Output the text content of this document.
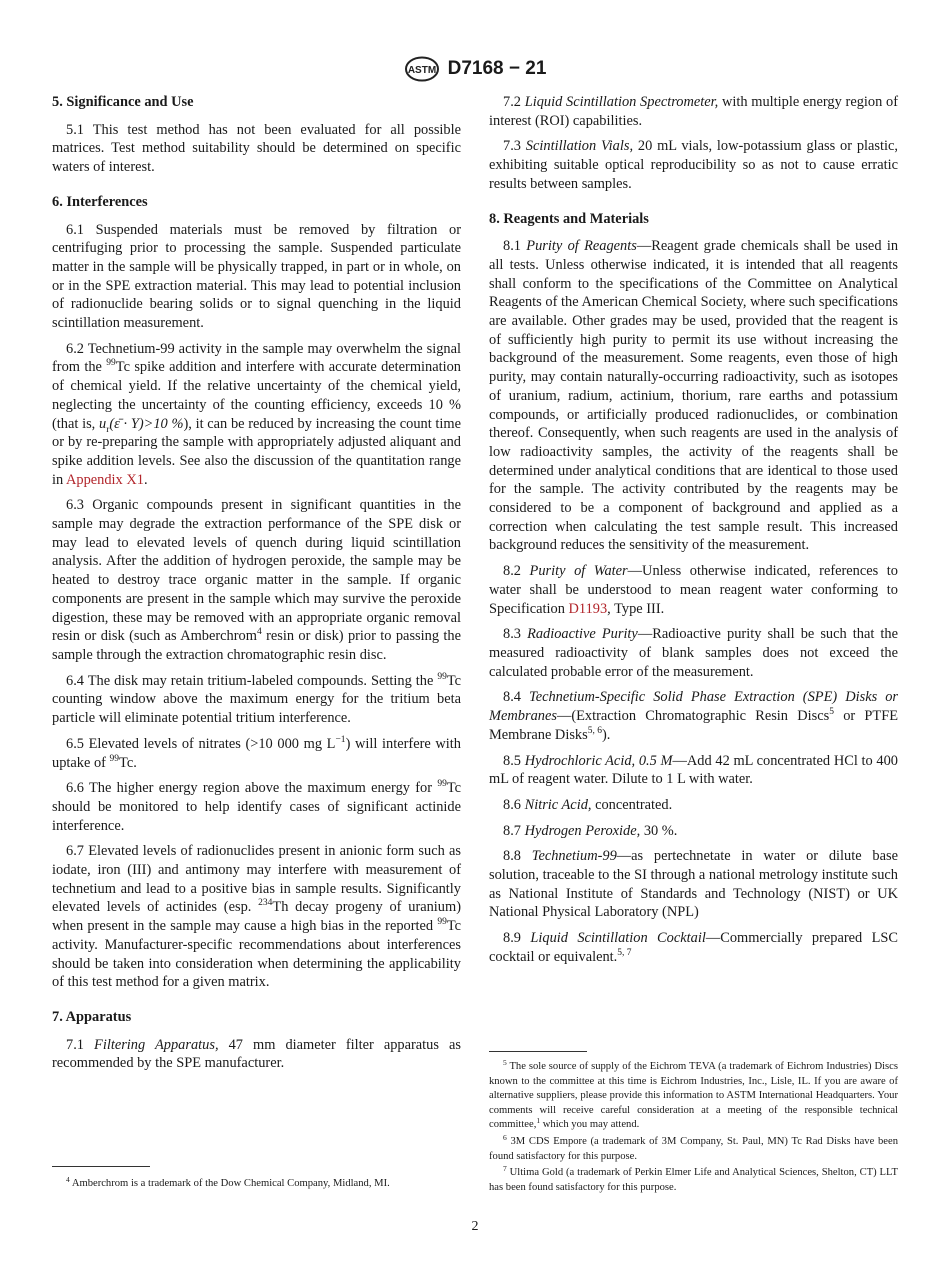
ASTM D7168 − 21
5. Significance and Use
5.1 This test method has not been evaluated for all possible matrices. Test method suitability should be determined on specific waters of interest.
6. Interferences
6.1 Suspended materials must be removed by filtration or centrifuging prior to processing the sample. Suspended particulate matter in the sample will be physically trapped, in part or in whole, on or in the SPE extraction material. This may lead to potential inclusion of radionuclide bearing solids or to signal quenching in the liquid scintillation measurement.
6.2 Technetium-99 activity in the sample may overwhelm the signal from the $^{99}$Tc spike addition and interfere with accurate determination of chemical yield. If the relative uncertainty of the chemical yield, neglecting the uncertainty of the counting efficiency, exceeds 10 % (that is, $u_r(\varepsilon̄ \cdot Y)>10$ %), it can be reduced by increasing the count time or by re-preparing the sample with appropriately adjusted aliquant and spike addition levels. See also the discussion of the quantitation range in Appendix X1.
6.3 Organic compounds present in significant quantities in the sample may degrade the extraction performance of the SPE disk or may lead to elevated levels of quench during liquid scintillation analysis. After the addition of hydrogen peroxide, the sample may be heated to destroy trace organic matter in the sample. If organic components are present in the sample which may survive the peroxide digestion, these may be removed with an appropriate organic removal resin or disk (such as Amberchrom$^4$ resin or disk) prior to passing the sample through the extraction chromatographic resin disc.
6.4 The disk may retain tritium-labeled compounds. Setting the $^{99}$Tc counting window above the maximum energy for the tritium beta particle will eliminate potential tritium interference.
6.5 Elevated levels of nitrates (>10 000 mg $L^{-1}$) will interfere with uptake of $^{99}$Tc.
6.6 The higher energy region above the maximum energy for $^{99}$Tc should be monitored to help identify cases of significant actinide interference.
6.7 Elevated levels of radionuclides present in anionic form such as iodate, iron (III) and antimony may interfere with measurement of technetium and lead to a positive bias in sample results. Significantly elevated levels of actinides (esp. $^{234}$Th decay progeny of uranium) when present in the sample may cause a high bias in the reported $^{99}$Tc activity. Manufacturer-specific recommendations about interferences should be taken into consideration when determining the applicability of this test method for a given matrix.
7. Apparatus
7.1 Filtering Apparatus, 47 mm diameter filter apparatus as recommended by the SPE manufacturer.
7.2 Liquid Scintillation Spectrometer, with multiple energy region of interest (ROI) capabilities.
7.3 Scintillation Vials, 20 mL vials, low-potassium glass or plastic, exhibiting suitable optical reproducibility so as not to cause erratic results between samples.
8. Reagents and Materials
8.1 Purity of Reagents—Reagent grade chemicals shall be used in all tests. Unless otherwise indicated, it is intended that all reagents shall conform to the specifications of the Committee on Analytical Reagents of the American Chemical Society, where such specifications are available. Other grades may be used, provided that the reagent is of sufficiently high purity to permit its use without increasing the background of the measurement. Some reagents, even those of high purity, may contain naturally-occurring radioactivity, such as isotopes of uranium, radium, actinium, thorium, rare earths and potassium compounds, or artificially produced radionuclides, or combination thereof. Consequently, when such reagents are used in the analysis of low radioactivity samples, the activity of the reagents shall be determined under analytical conditions that are identical to those used for the sample. The activity contributed by the reagents may be considered to be a component of background and applied as a correction when calculating the test sample result. This increased background reduces the sensitivity of the measurement.
8.2 Purity of Water—Unless otherwise indicated, references to water shall be understood to mean reagent water conforming to Specification D1193, Type III.
8.3 Radioactive Purity—Radioactive purity shall be such that the measured radioactivity of blank samples does not exceed the calculated probable error of the measurement.
8.4 Technetium-Specific Solid Phase Extraction (SPE) Disks or Membranes—(Extraction Chromatographic Resin Discs$^5$ or PTFE Membrane Disks$^{5, 6}$).
8.5 Hydrochloric Acid, 0.5 M—Add 42 mL concentrated HCl to 400 mL of reagent water. Dilute to 1 L with water.
8.6 Nitric Acid, concentrated.
8.7 Hydrogen Peroxide, 30 %.
8.8 Technetium-99—as pertechnetate in water or dilute base solution, traceable to the SI through a national metrology institute such as National Institute of Standards and Technology (NIST) or UK National Physical Laboratory (NPL)
8.9 Liquid Scintillation Cocktail—Commercially prepared LSC cocktail or equivalent.$^{5, 7}$
$^4$ Amberchrom is a trademark of the Dow Chemical Company, Midland, MI.
$^5$ The sole source of supply of the Eichrom TEVA (a trademark of Eichrom Industries) Discs known to the committee at this time is Eichrom Industries, Inc., Lisle, IL. If you are aware of alternative suppliers, please provide this information to ASTM International Headquarters. Your comments will receive careful consideration at a meeting of the responsible technical committee,$^1$ which you may attend.
$^6$ 3M CDS Empore (a trademark of 3M Company, St. Paul, MN) Tc Rad Disks have been found satisfactory for this purpose.
$^7$ Ultima Gold (a trademark of Perkin Elmer Life and Analytical Sciences, Shelton, CT) LLT has been found satisfactory for this purpose.
2
